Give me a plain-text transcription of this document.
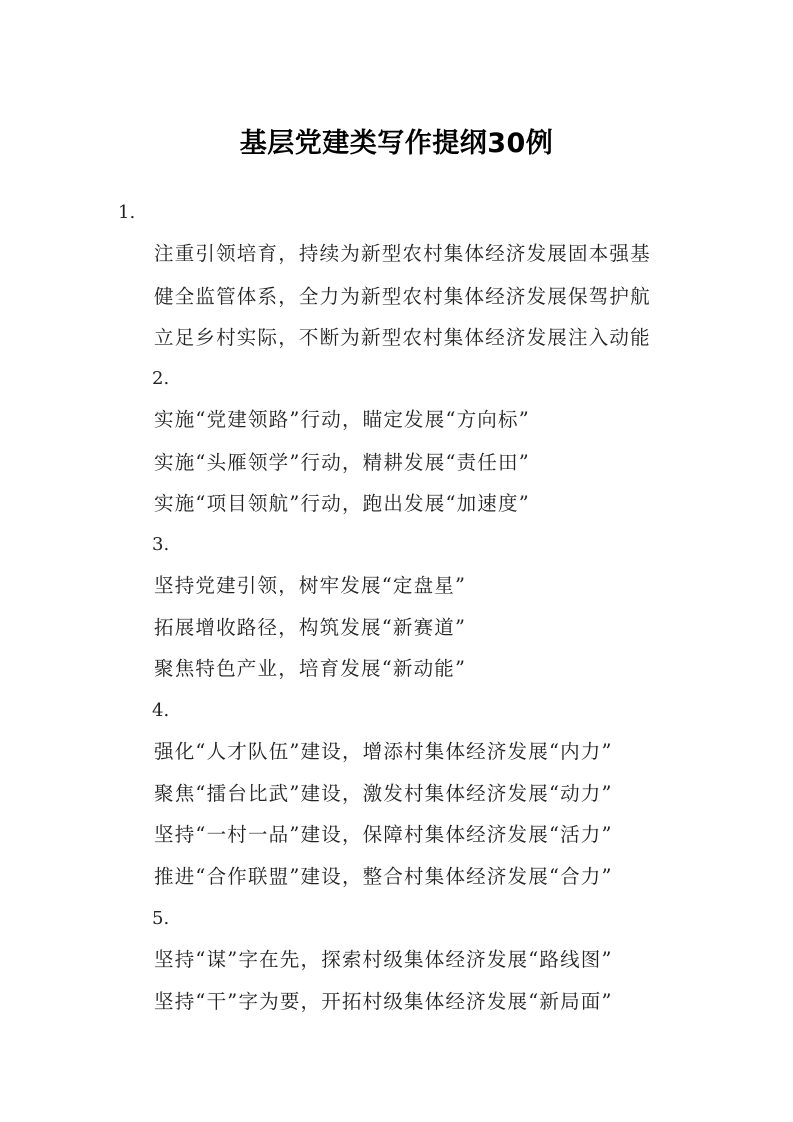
基层党建类写作提纲30例
1.
注重引领培育，持续为新型农村集体经济发展固本强基
健全监管体系，全力为新型农村集体经济发展保驾护航
立足乡村实际，不断为新型农村集体经济发展注入动能
2.
实施“党建领路”行动，瞄定发展“方向标”
实施“头雁领学”行动，精耕发展“责任田”
实施“项目领航”行动，跑出发展“加速度”
3.
坚持党建引领，树牢发展“定盘星”
拓展增收路径，构筑发展“新赛道”
聚焦特色产业，培育发展“新动能”
4.
强化“人才队伍”建设，增添村集体经济发展“内力”
聚焦“擂台比武”建设，激发村集体经济发展“动力”
坚持“一村一品”建设，保障村集体经济发展“活力”
推进“合作联盟”建设，整合村集体经济发展“合力”
5.
坚持“谋”字在先，探索村级集体经济发展“路线图”
坚持“干”字为要，开拓村级集体经济发展“新局面”
